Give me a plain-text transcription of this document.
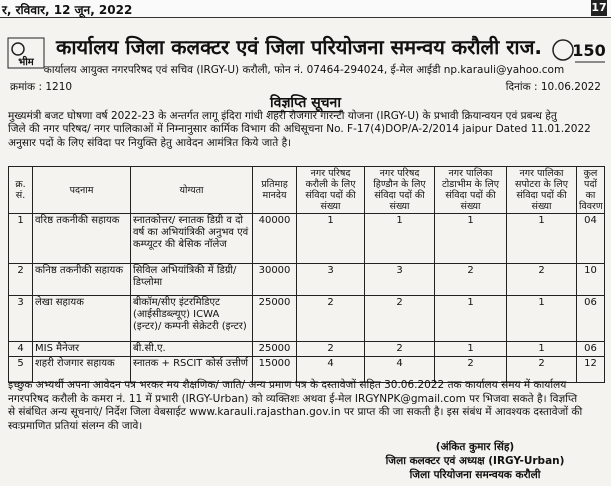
र, रविवार, 12 जून, 2022	17
भीम
150
कार्यालय जिला कलक्टर एवं जिला परियोजना समन्वय करौली राज.
कार्यालय आयुक्त नगरपरिषद एवं सचिव (IRGY-U) करौली, फोन नं. 07464-294024, ई-मेल आईडी np.karauli@yahoo.com
क्रमांक : 1210	दिनांक : 10.06.2022
विज्ञप्ति सूचना
मुख्यमंत्री बजट घोषणा वर्ष 2022-23 के अन्तर्गत लागू इंदिरा गांधी शहरी रोजगार गारन्टी योजना (IRGY-U) के प्रभावी क्रियान्वयन एवं प्रबन्ध हेतु
जिले की नगर परिषद/ नगर पालिकाओं में निम्नानुसार कार्मिक विभाग की अधिसूचना No. F-17(4)DOP/A-2/2014 jaipur Dated 11.01.2022
अनुसार पदों के लिए संविदा पर नियुक्ति हेतु आवेदन आमंत्रित किये जाते है।
क्र. सं.	पदनाम	योग्यता	प्रतिमाह मानदेय	नगर परिषद करौली के लिए संविदा पदों की संख्या	नगर परिषद हिण्डौन के लिए संविदा पदों की संख्या	नगर पालिका टोडाभीम के लिए संविदा पदों की संख्या	नगर पालिका सपोटरा के लिए संविदा पदों की संख्या	कुल पदों का विवरण
1	वरिष्ठ तकनीकी सहायक	स्नातकोत्तर/ स्नातक डिग्री व दो वर्ष का अभियांत्रिकी अनुभव एवं कम्प्यूटर की बेसिक नॉलेज	40000	1	1	1	1	04
2	कनिष्ठ तकनीकी सहायक	सिविल अभियांत्रिकी में डिग्री/ डिप्लोमा	30000	3	3	2	2	10
3	लेखा सहायक	बीकॉम/सीए इंटरमिडिएट (आईसीडब्ल्यूए) ICWA (इन्टर)/ कम्पनी सेक्रेटरी (इन्टर)	25000	2	2	1	1	06
4	MIS मैनेजर	बी.सी.ए.	25000	2	2	1	1	06
5	शहरी रोजगार सहायक	स्नातक + RSCIT कोर्स उत्तीर्ण	15000	4	4	2	2	12
इच्छुक अभ्यर्थी अपना आवेदन पत्र भरकर मय शैक्षणिक/ जाति/ अन्य प्रमाण पत्र के दस्तावेजों सहित 30.06.2022 तक कार्यालय समय में कार्यालय
नगरपरिषद करौली के कमरा नं. 11 में प्रभारी (IRGY-Urban) को व्यक्तिशः अथवा ई-मेल IRGYNPK@gmail.com पर भिजवा सकते है। विज्ञप्ति
से संबंधित अन्य सूचनाएं/ निर्देश जिला वेबसाईट www.karauli.rajasthan.gov.in पर प्राप्त की जा सकती है। इस संबंध में आवश्यक दस्तावेजों की
स्वःप्रमाणित प्रतियां संलग्न की जावे।
(अंकित कुमार सिंह)
जिला कलक्टर एवं अध्यक्ष (IRGY-Urban)
जिला परियोजना समन्वयक करौली
